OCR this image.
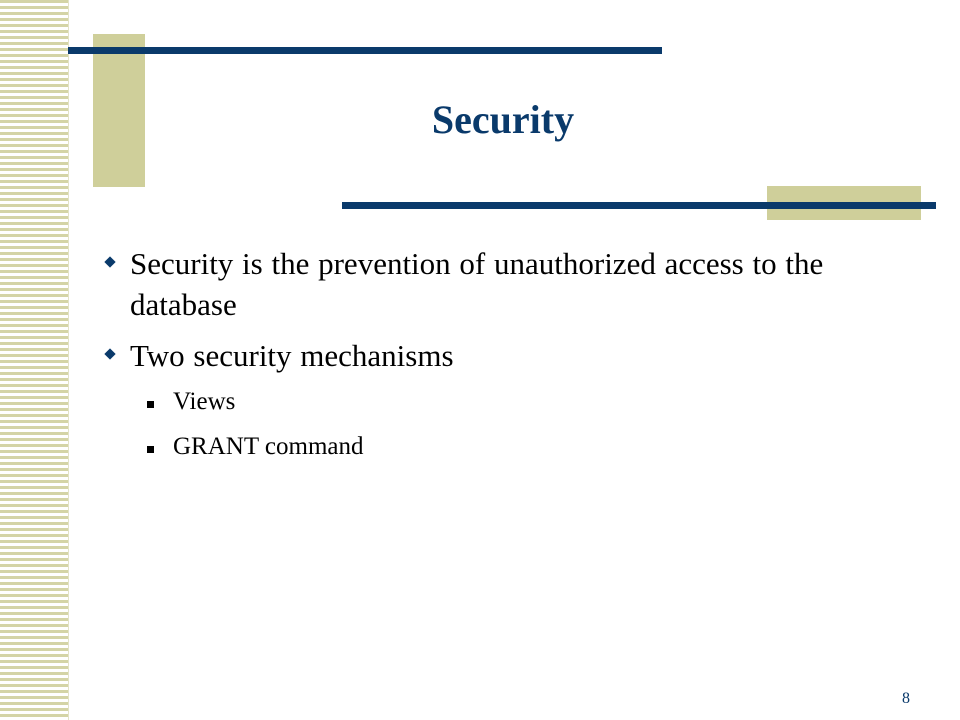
Security
Security is the prevention of unauthorized access to the database
Two security mechanisms
Views
GRANT command
8
